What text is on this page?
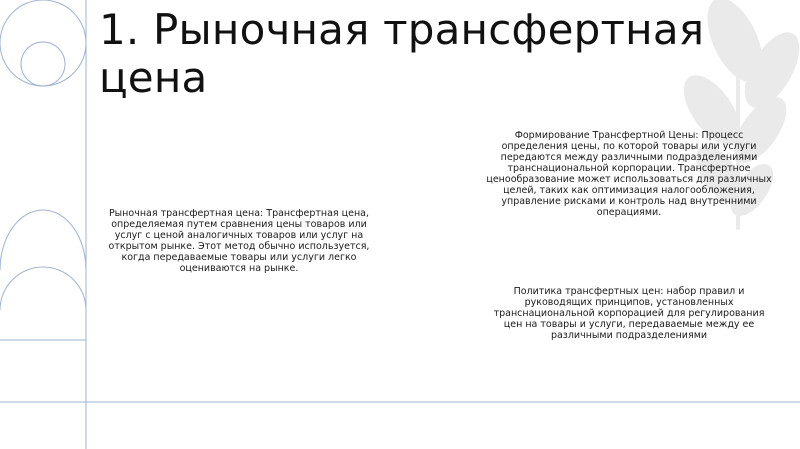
1. Рыночная трансфертная цена

Рыночная трансфертная цена: Трансфертная цена, определяемая путем сравнения цены товаров или услуг с ценой аналогичных товаров или услуг на открытом рынке. Этот метод обычно используется, когда передаваемые товары или услуги легко оцениваются на рынке.

Формирование Трансфертной Цены: Процесс определения цены, по которой товары или услуги передаются между различными подразделениями транснациональной корпорации. Трансфертное ценообразование может использоваться для различных целей, таких как оптимизация налогообложения, управление рисками и контроль над внутренними операциями.

Политика трансфертных цен: набор правил и руководящих принципов, установленных транснациональной корпорацией для регулирования цен на товары и услуги, передаваемые между ее различными подразделениями
